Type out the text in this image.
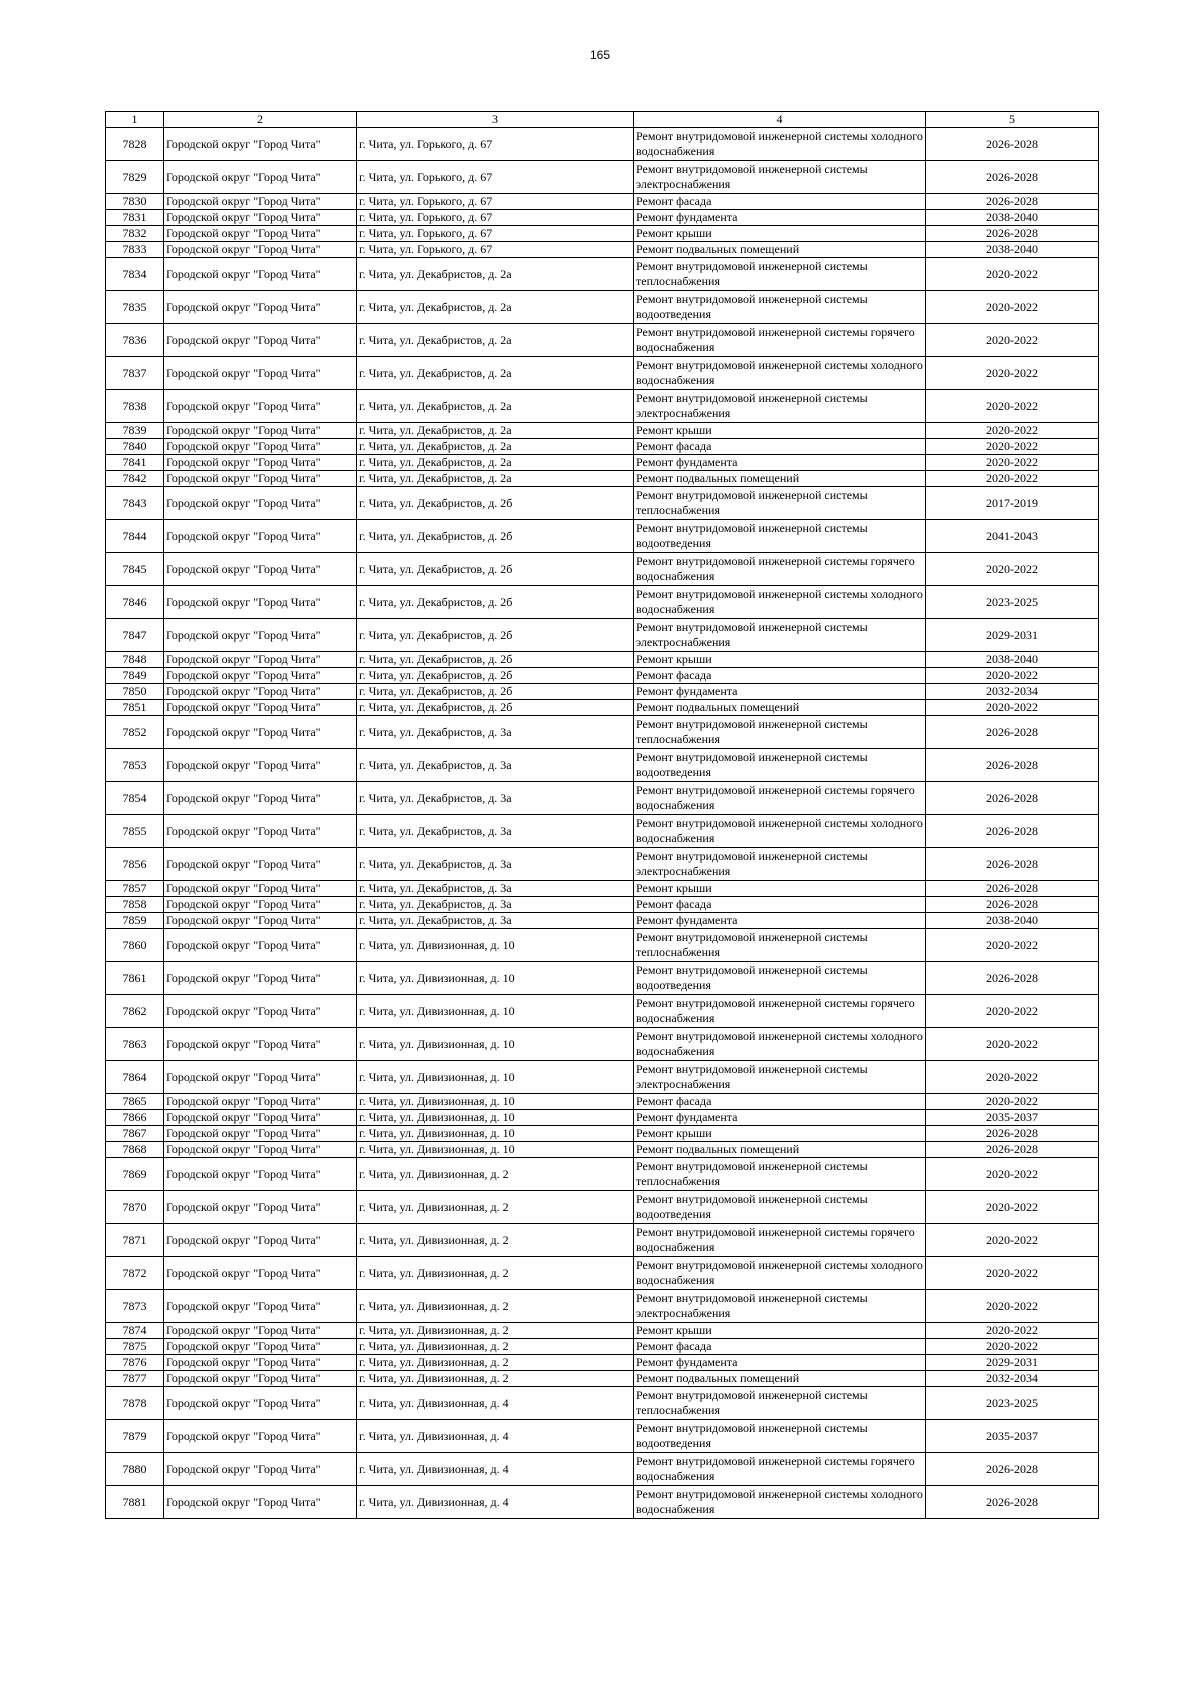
165
1	2	3	4	5
7828	Городской округ "Город Чита"	г. Чита, ул. Горького, д. 67	Ремонт внутридомовой инженерной системы холодного водоснабжения	2026-2028
7829	Городской округ "Город Чита"	г. Чита, ул. Горького, д. 67	Ремонт внутридомовой инженерной системы электроснабжения	2026-2028
7830	Городской округ "Город Чита"	г. Чита, ул. Горького, д. 67	Ремонт фасада	2026-2028
7831	Городской округ "Город Чита"	г. Чита, ул. Горького, д. 67	Ремонт фундамента	2038-2040
7832	Городской округ "Город Чита"	г. Чита, ул. Горького, д. 67	Ремонт крыши	2026-2028
7833	Городской округ "Город Чита"	г. Чита, ул. Горького, д. 67	Ремонт подвальных помещений	2038-2040
7834	Городской округ "Город Чита"	г. Чита, ул. Декабристов, д. 2а	Ремонт внутридомовой инженерной системы теплоснабжения	2020-2022
7835	Городской округ "Город Чита"	г. Чита, ул. Декабристов, д. 2а	Ремонт внутридомовой инженерной системы водоотведения	2020-2022
7836	Городской округ "Город Чита"	г. Чита, ул. Декабристов, д. 2а	Ремонт внутридомовой инженерной системы горячего водоснабжения	2020-2022
7837	Городской округ "Город Чита"	г. Чита, ул. Декабристов, д. 2а	Ремонт внутридомовой инженерной системы холодного водоснабжения	2020-2022
7838	Городской округ "Город Чита"	г. Чита, ул. Декабристов, д. 2а	Ремонт внутридомовой инженерной системы электроснабжения	2020-2022
7839	Городской округ "Город Чита"	г. Чита, ул. Декабристов, д. 2а	Ремонт крыши	2020-2022
7840	Городской округ "Город Чита"	г. Чита, ул. Декабристов, д. 2а	Ремонт фасада	2020-2022
7841	Городской округ "Город Чита"	г. Чита, ул. Декабристов, д. 2а	Ремонт фундамента	2020-2022
7842	Городской округ "Город Чита"	г. Чита, ул. Декабристов, д. 2а	Ремонт подвальных помещений	2020-2022
7843	Городской округ "Город Чита"	г. Чита, ул. Декабристов, д. 2б	Ремонт внутридомовой инженерной системы теплоснабжения	2017-2019
7844	Городской округ "Город Чита"	г. Чита, ул. Декабристов, д. 2б	Ремонт внутридомовой инженерной системы водоотведения	2041-2043
7845	Городской округ "Город Чита"	г. Чита, ул. Декабристов, д. 2б	Ремонт внутридомовой инженерной системы горячего водоснабжения	2020-2022
7846	Городской округ "Город Чита"	г. Чита, ул. Декабристов, д. 2б	Ремонт внутридомовой инженерной системы холодного водоснабжения	2023-2025
7847	Городской округ "Город Чита"	г. Чита, ул. Декабристов, д. 2б	Ремонт внутридомовой инженерной системы электроснабжения	2029-2031
7848	Городской округ "Город Чита"	г. Чита, ул. Декабристов, д. 2б	Ремонт крыши	2038-2040
7849	Городской округ "Город Чита"	г. Чита, ул. Декабристов, д. 2б	Ремонт фасада	2020-2022
7850	Городской округ "Город Чита"	г. Чита, ул. Декабристов, д. 2б	Ремонт фундамента	2032-2034
7851	Городской округ "Город Чита"	г. Чита, ул. Декабристов, д. 2б	Ремонт подвальных помещений	2020-2022
7852	Городской округ "Город Чита"	г. Чита, ул. Декабристов, д. 3а	Ремонт внутридомовой инженерной системы теплоснабжения	2026-2028
7853	Городской округ "Город Чита"	г. Чита, ул. Декабристов, д. 3а	Ремонт внутридомовой инженерной системы водоотведения	2026-2028
7854	Городской округ "Город Чита"	г. Чита, ул. Декабристов, д. 3а	Ремонт внутридомовой инженерной системы горячего водоснабжения	2026-2028
7855	Городской округ "Город Чита"	г. Чита, ул. Декабристов, д. 3а	Ремонт внутридомовой инженерной системы холодного водоснабжения	2026-2028
7856	Городской округ "Город Чита"	г. Чита, ул. Декабристов, д. 3а	Ремонт внутридомовой инженерной системы электроснабжения	2026-2028
7857	Городской округ "Город Чита"	г. Чита, ул. Декабристов, д. 3а	Ремонт крыши	2026-2028
7858	Городской округ "Город Чита"	г. Чита, ул. Декабристов, д. 3а	Ремонт фасада	2026-2028
7859	Городской округ "Город Чита"	г. Чита, ул. Декабристов, д. 3а	Ремонт фундамента	2038-2040
7860	Городской округ "Город Чита"	г. Чита, ул. Дивизионная, д. 10	Ремонт внутридомовой инженерной системы теплоснабжения	2020-2022
7861	Городской округ "Город Чита"	г. Чита, ул. Дивизионная, д. 10	Ремонт внутридомовой инженерной системы водоотведения	2026-2028
7862	Городской округ "Город Чита"	г. Чита, ул. Дивизионная, д. 10	Ремонт внутридомовой инженерной системы горячего водоснабжения	2020-2022
7863	Городской округ "Город Чита"	г. Чита, ул. Дивизионная, д. 10	Ремонт внутридомовой инженерной системы холодного водоснабжения	2020-2022
7864	Городской округ "Город Чита"	г. Чита, ул. Дивизионная, д. 10	Ремонт внутридомовой инженерной системы электроснабжения	2020-2022
7865	Городской округ "Город Чита"	г. Чита, ул. Дивизионная, д. 10	Ремонт фасада	2020-2022
7866	Городской округ "Город Чита"	г. Чита, ул. Дивизионная, д. 10	Ремонт фундамента	2035-2037
7867	Городской округ "Город Чита"	г. Чита, ул. Дивизионная, д. 10	Ремонт крыши	2026-2028
7868	Городской округ "Город Чита"	г. Чита, ул. Дивизионная, д. 10	Ремонт подвальных помещений	2026-2028
7869	Городской округ "Город Чита"	г. Чита, ул. Дивизионная, д. 2	Ремонт внутридомовой инженерной системы теплоснабжения	2020-2022
7870	Городской округ "Город Чита"	г. Чита, ул. Дивизионная, д. 2	Ремонт внутридомовой инженерной системы водоотведения	2020-2022
7871	Городской округ "Город Чита"	г. Чита, ул. Дивизионная, д. 2	Ремонт внутридомовой инженерной системы горячего водоснабжения	2020-2022
7872	Городской округ "Город Чита"	г. Чита, ул. Дивизионная, д. 2	Ремонт внутридомовой инженерной системы холодного водоснабжения	2020-2022
7873	Городской округ "Город Чита"	г. Чита, ул. Дивизионная, д. 2	Ремонт внутридомовой инженерной системы электроснабжения	2020-2022
7874	Городской округ "Город Чита"	г. Чита, ул. Дивизионная, д. 2	Ремонт крыши	2020-2022
7875	Городской округ "Город Чита"	г. Чита, ул. Дивизионная, д. 2	Ремонт фасада	2020-2022
7876	Городской округ "Город Чита"	г. Чита, ул. Дивизионная, д. 2	Ремонт фундамента	2029-2031
7877	Городской округ "Город Чита"	г. Чита, ул. Дивизионная, д. 2	Ремонт подвальных помещений	2032-2034
7878	Городской округ "Город Чита"	г. Чита, ул. Дивизионная, д. 4	Ремонт внутридомовой инженерной системы теплоснабжения	2023-2025
7879	Городской округ "Город Чита"	г. Чита, ул. Дивизионная, д. 4	Ремонт внутридомовой инженерной системы водоотведения	2035-2037
7880	Городской округ "Город Чита"	г. Чита, ул. Дивизионная, д. 4	Ремонт внутридомовой инженерной системы горячего водоснабжения	2026-2028
7881	Городской округ "Город Чита"	г. Чита, ул. Дивизионная, д. 4	Ремонт внутридомовой инженерной системы холодного водоснабжения	2026-2028
